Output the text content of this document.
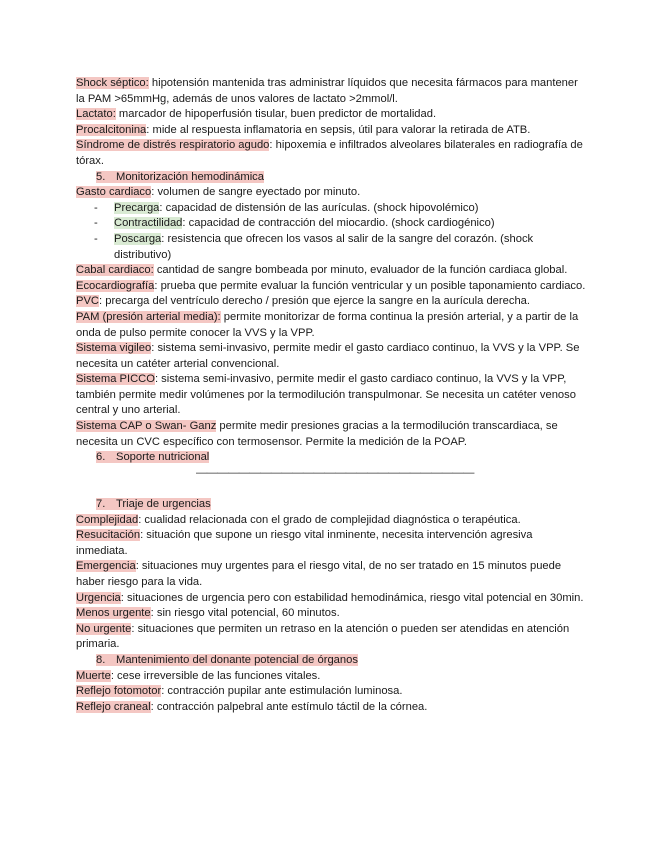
Shock séptico: hipotensión mantenida tras administrar líquidos que necesita fármacos para mantener la PAM >65mmHg, además de unos valores de lactato >2mmol/l.

Lactato: marcador de hipoperfusión tisular, buen predictor de mortalidad.

Procalcitonina: mide al respuesta inflamatoria en sepsis, útil para valorar la retirada de ATB.

Síndrome de distrés respiratorio agudo: hipoxemia e infiltrados alveolares bilaterales en radiografía de tórax.

5. Monitorización hemodinámica

Gasto cardiaco: volumen de sangre eyectado por minuto.

- Precarga: capacidad de distensión de las aurículas. (shock hipovolémico)
- Contractilidad: capacidad de contracción del miocardio. (shock cardiogénico)
- Poscarga: resistencia que ofrecen los vasos al salir de la sangre del corazón. (shock distributivo)

Cabal cardiaco: cantidad de sangre bombeada por minuto, evaluador de la función cardiaca global.

Ecocardiografía: prueba que permite evaluar la función ventricular y un posible taponamiento cardiaco.

PVC: precarga del ventrículo derecho / presión que ejerce la sangre en la aurícula derecha.

PAM (presión arterial media): permite monitorizar de forma continua la presión arterial, y a partir de la onda de pulso permite conocer la VVS y la VPP.

Sistema vigileo: sistema semi-invasivo, permite medir el gasto cardiaco continuo, la VVS y la VPP. Se necesita un catéter arterial convencional.

Sistema PICCO: sistema semi-invasivo, permite medir el gasto cardiaco continuo, la VVS y la VPP, también permite medir volúmenes por la termodilución transpulmonar. Se necesita un catéter venoso central y uno arterial.

Sistema CAP o Swan- Ganz permite medir presiones gracias a la termodilución transcardiaca, se necesita un CVC específico con termosensor. Permite la medición de la POAP.

6. Soporte nutricional

——————————————————————————

7. Triaje de urgencias

Complejidad: cualidad relacionada con el grado de complejidad diagnóstica o terapéutica.

Resucitación: situación que supone un riesgo vital inminente, necesita intervención agresiva inmediata.

Emergencia: situaciones muy urgentes para el riesgo vital, de no ser tratado en 15 minutos puede haber riesgo para la vida.

Urgencia: situaciones de urgencia pero con estabilidad hemodinámica, riesgo vital potencial en 30min.

Menos urgente: sin riesgo vital potencial, 60 minutos.

No urgente: situaciones que permiten un retraso en la atención o pueden ser atendidas en atención primaria.

8. Mantenimiento del donante potencial de órganos

Muerte: cese irreversible de las funciones vitales.

Reflejo fotomotor: contracción pupilar ante estimulación luminosa.

Reflejo craneal: contracción palpebral ante estímulo táctil de la córnea.
